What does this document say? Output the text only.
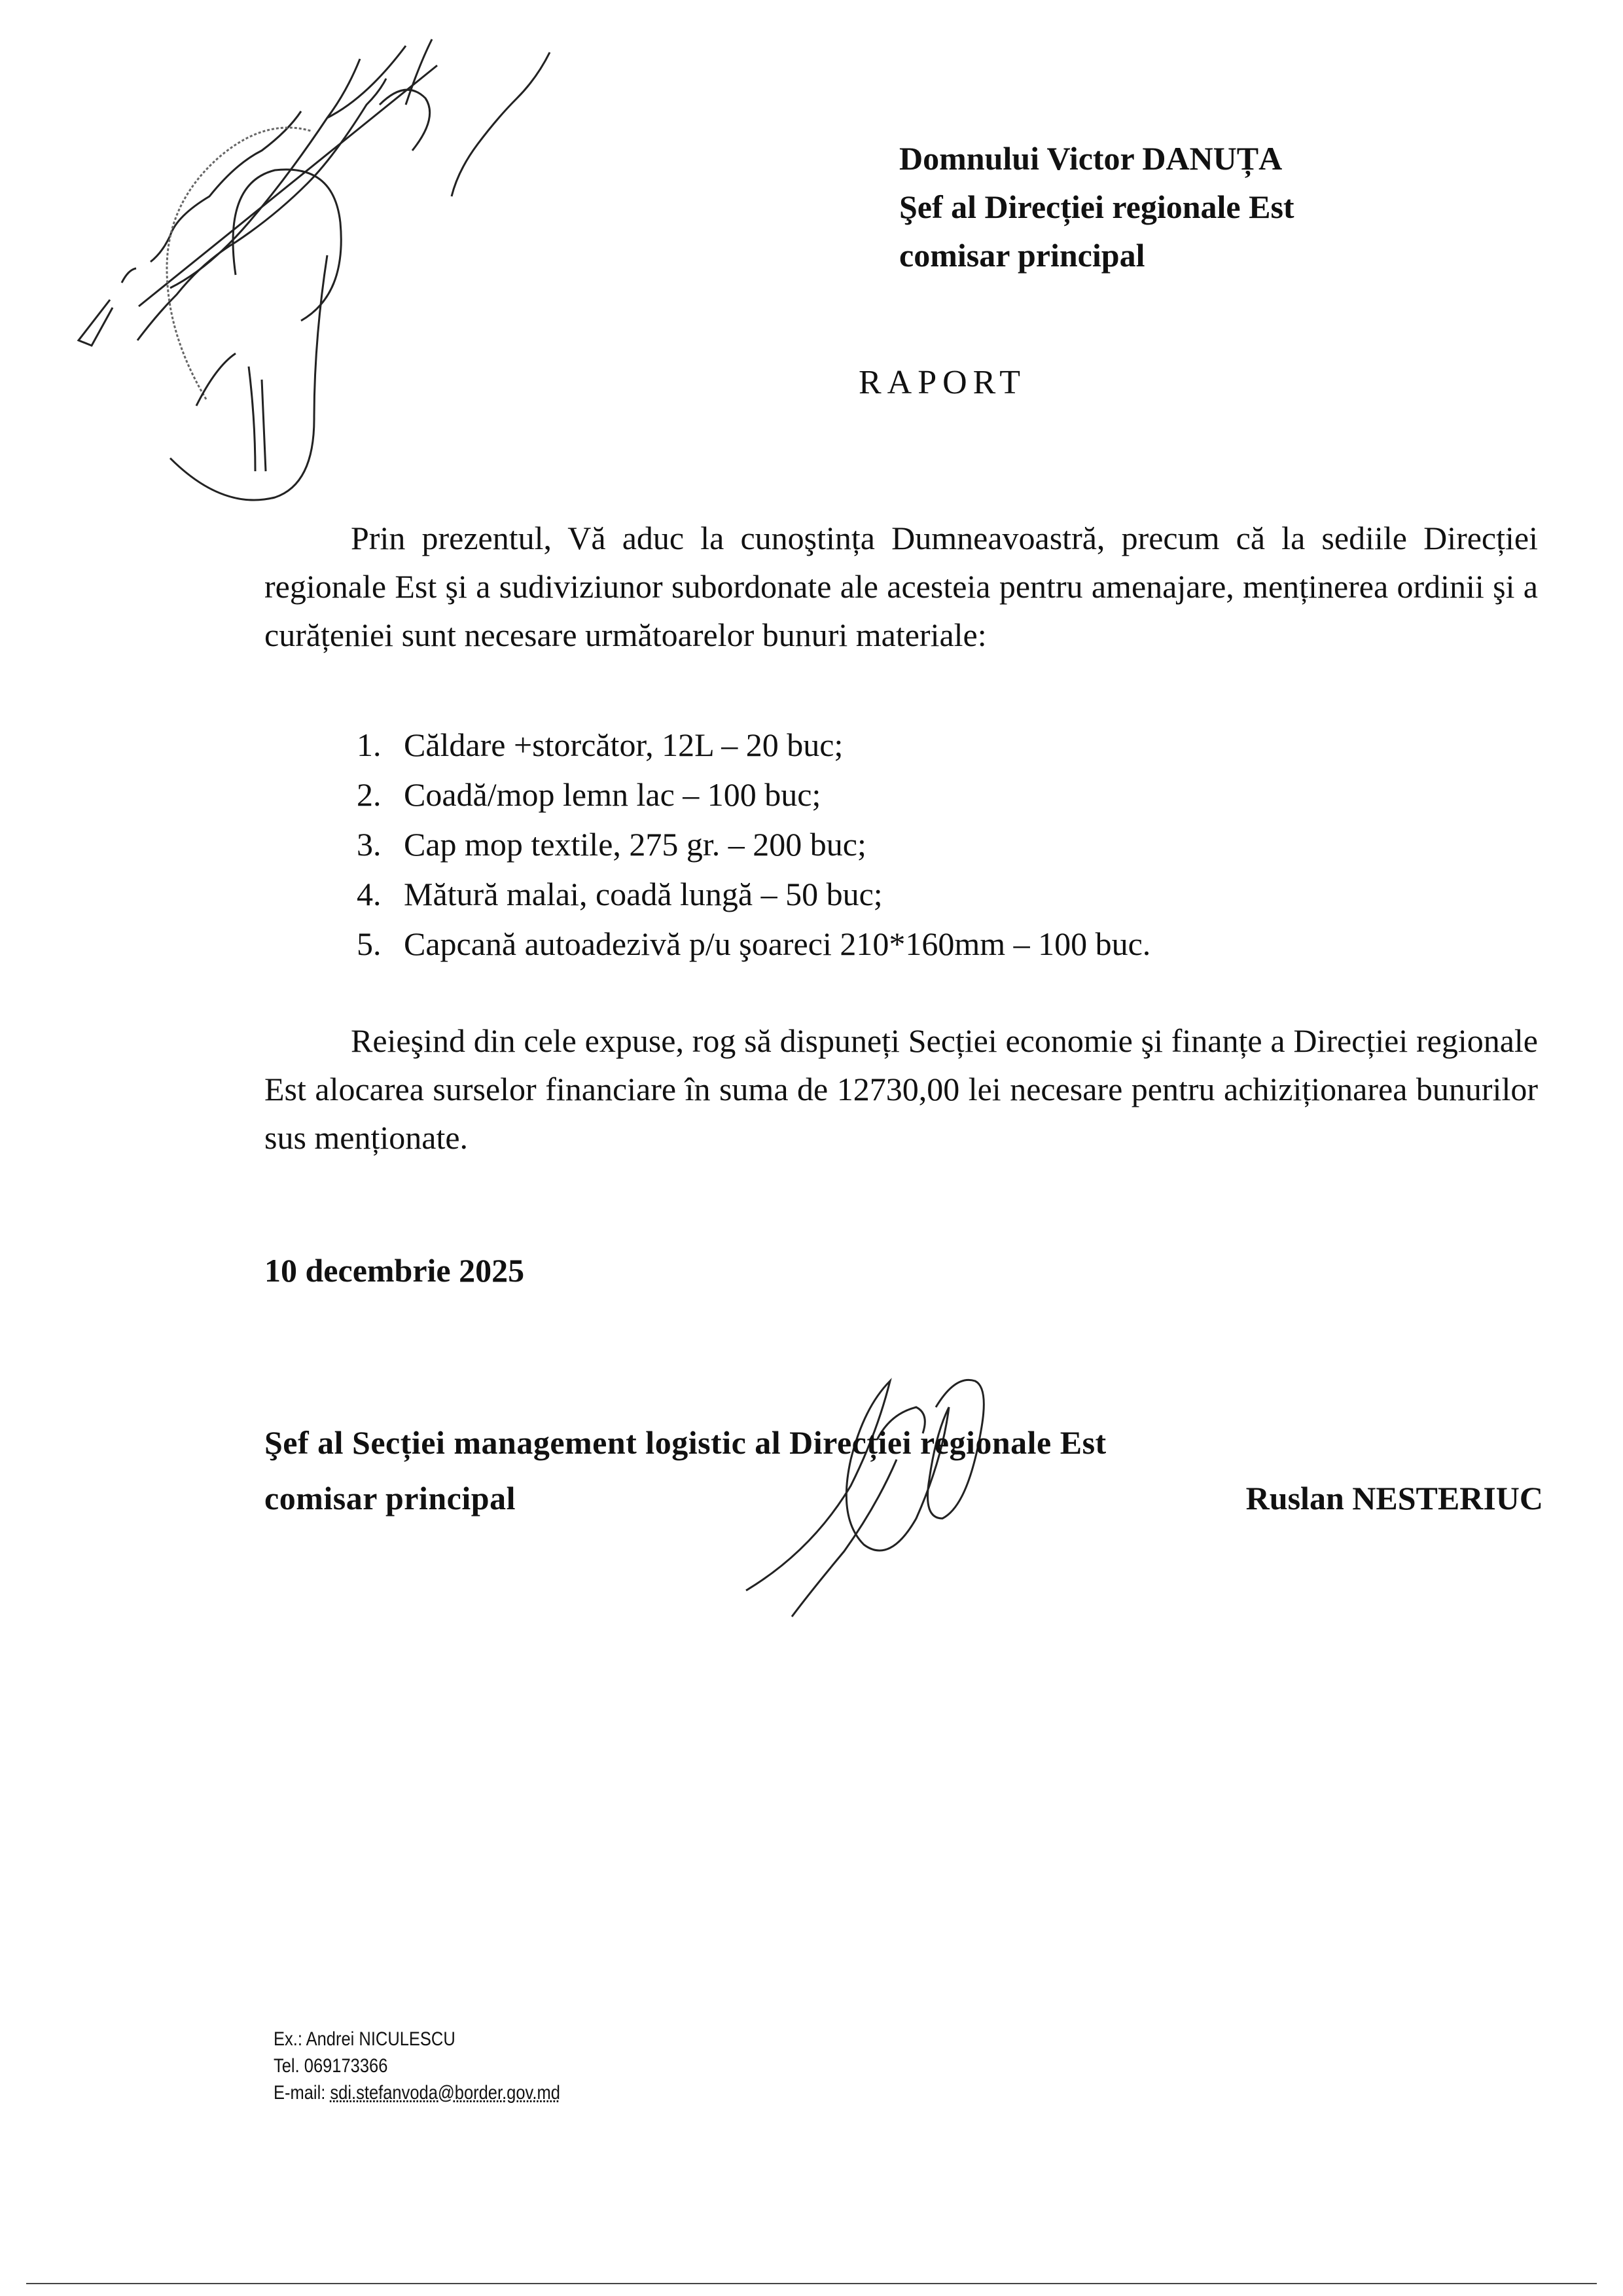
Domnului Victor DANUȚA
Şef al Direcției regionale Est
comisar principal
RAPORT
Prin prezentul, Vă aduc la cunoştința Dumneavoastră, precum că la sediile Direcției regionale Est şi a sudiviziunor subordonate ale acesteia pentru amenajare, menținerea ordinii şi a curățeniei sunt necesare următoarelor bunuri materiale:
1. Căldare +storcător, 12L – 20 buc;
2. Coadă/mop lemn lac – 100 buc;
3. Cap mop textile, 275 gr. – 200 buc;
4. Mătură malai, coadă lungă – 50 buc;
5. Capcană autoadezivă p/u şoareci 210*160mm – 100 buc.
Reieşind din cele expuse, rog să dispuneți Secției economie şi finanțe a Direcției regionale Est alocarea surselor financiare în suma de 12730,00 lei necesare pentru achiziționarea bunurilor sus menționate.
10 decembrie 2025
Şef al Secției management logistic al Direcției regionale Est
comisar principal	Ruslan NESTERIUC
Ex.: Andrei NICULESCU
Tel. 069173366
E-mail: sdi.stefanvoda@border.gov.md
